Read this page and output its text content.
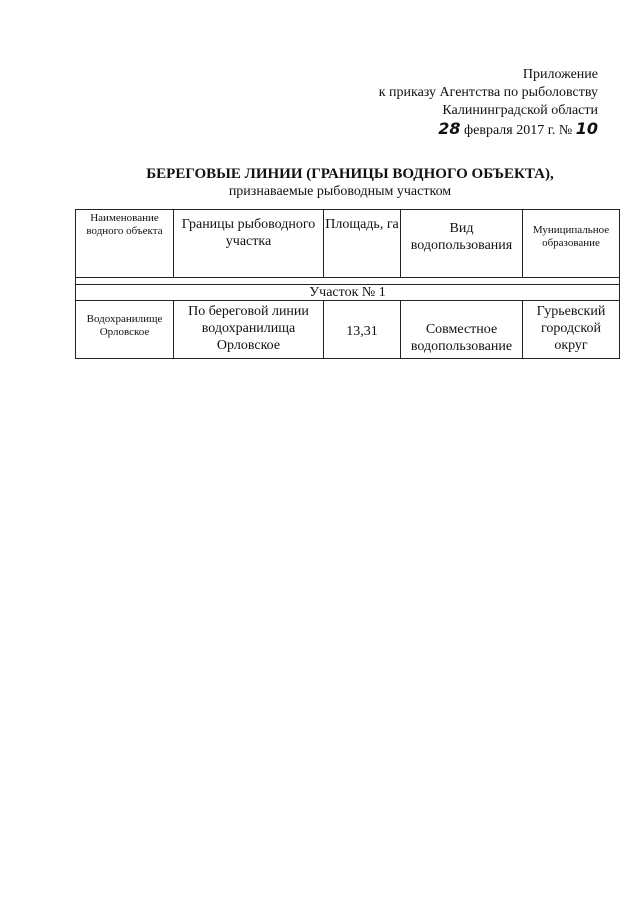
Приложение
к приказу Агентства по рыболовству
Калининградской области
28 февраля 2017 г. № 10
БЕРЕГОВЫЕ ЛИНИИ (ГРАНИЦЫ ВОДНОГО ОБЪЕКТА),
признаваемые рыбоводным участком
Наименование водного объекта	Границы рыбоводного участка	Площадь, га	Вид водопользования	Муниципальное образование

Участок № 1				
Водохранилище Орловское	По береговой линии водохранилища Орловское	13,31	Совместное водопользование	Гурьевский городской округ
